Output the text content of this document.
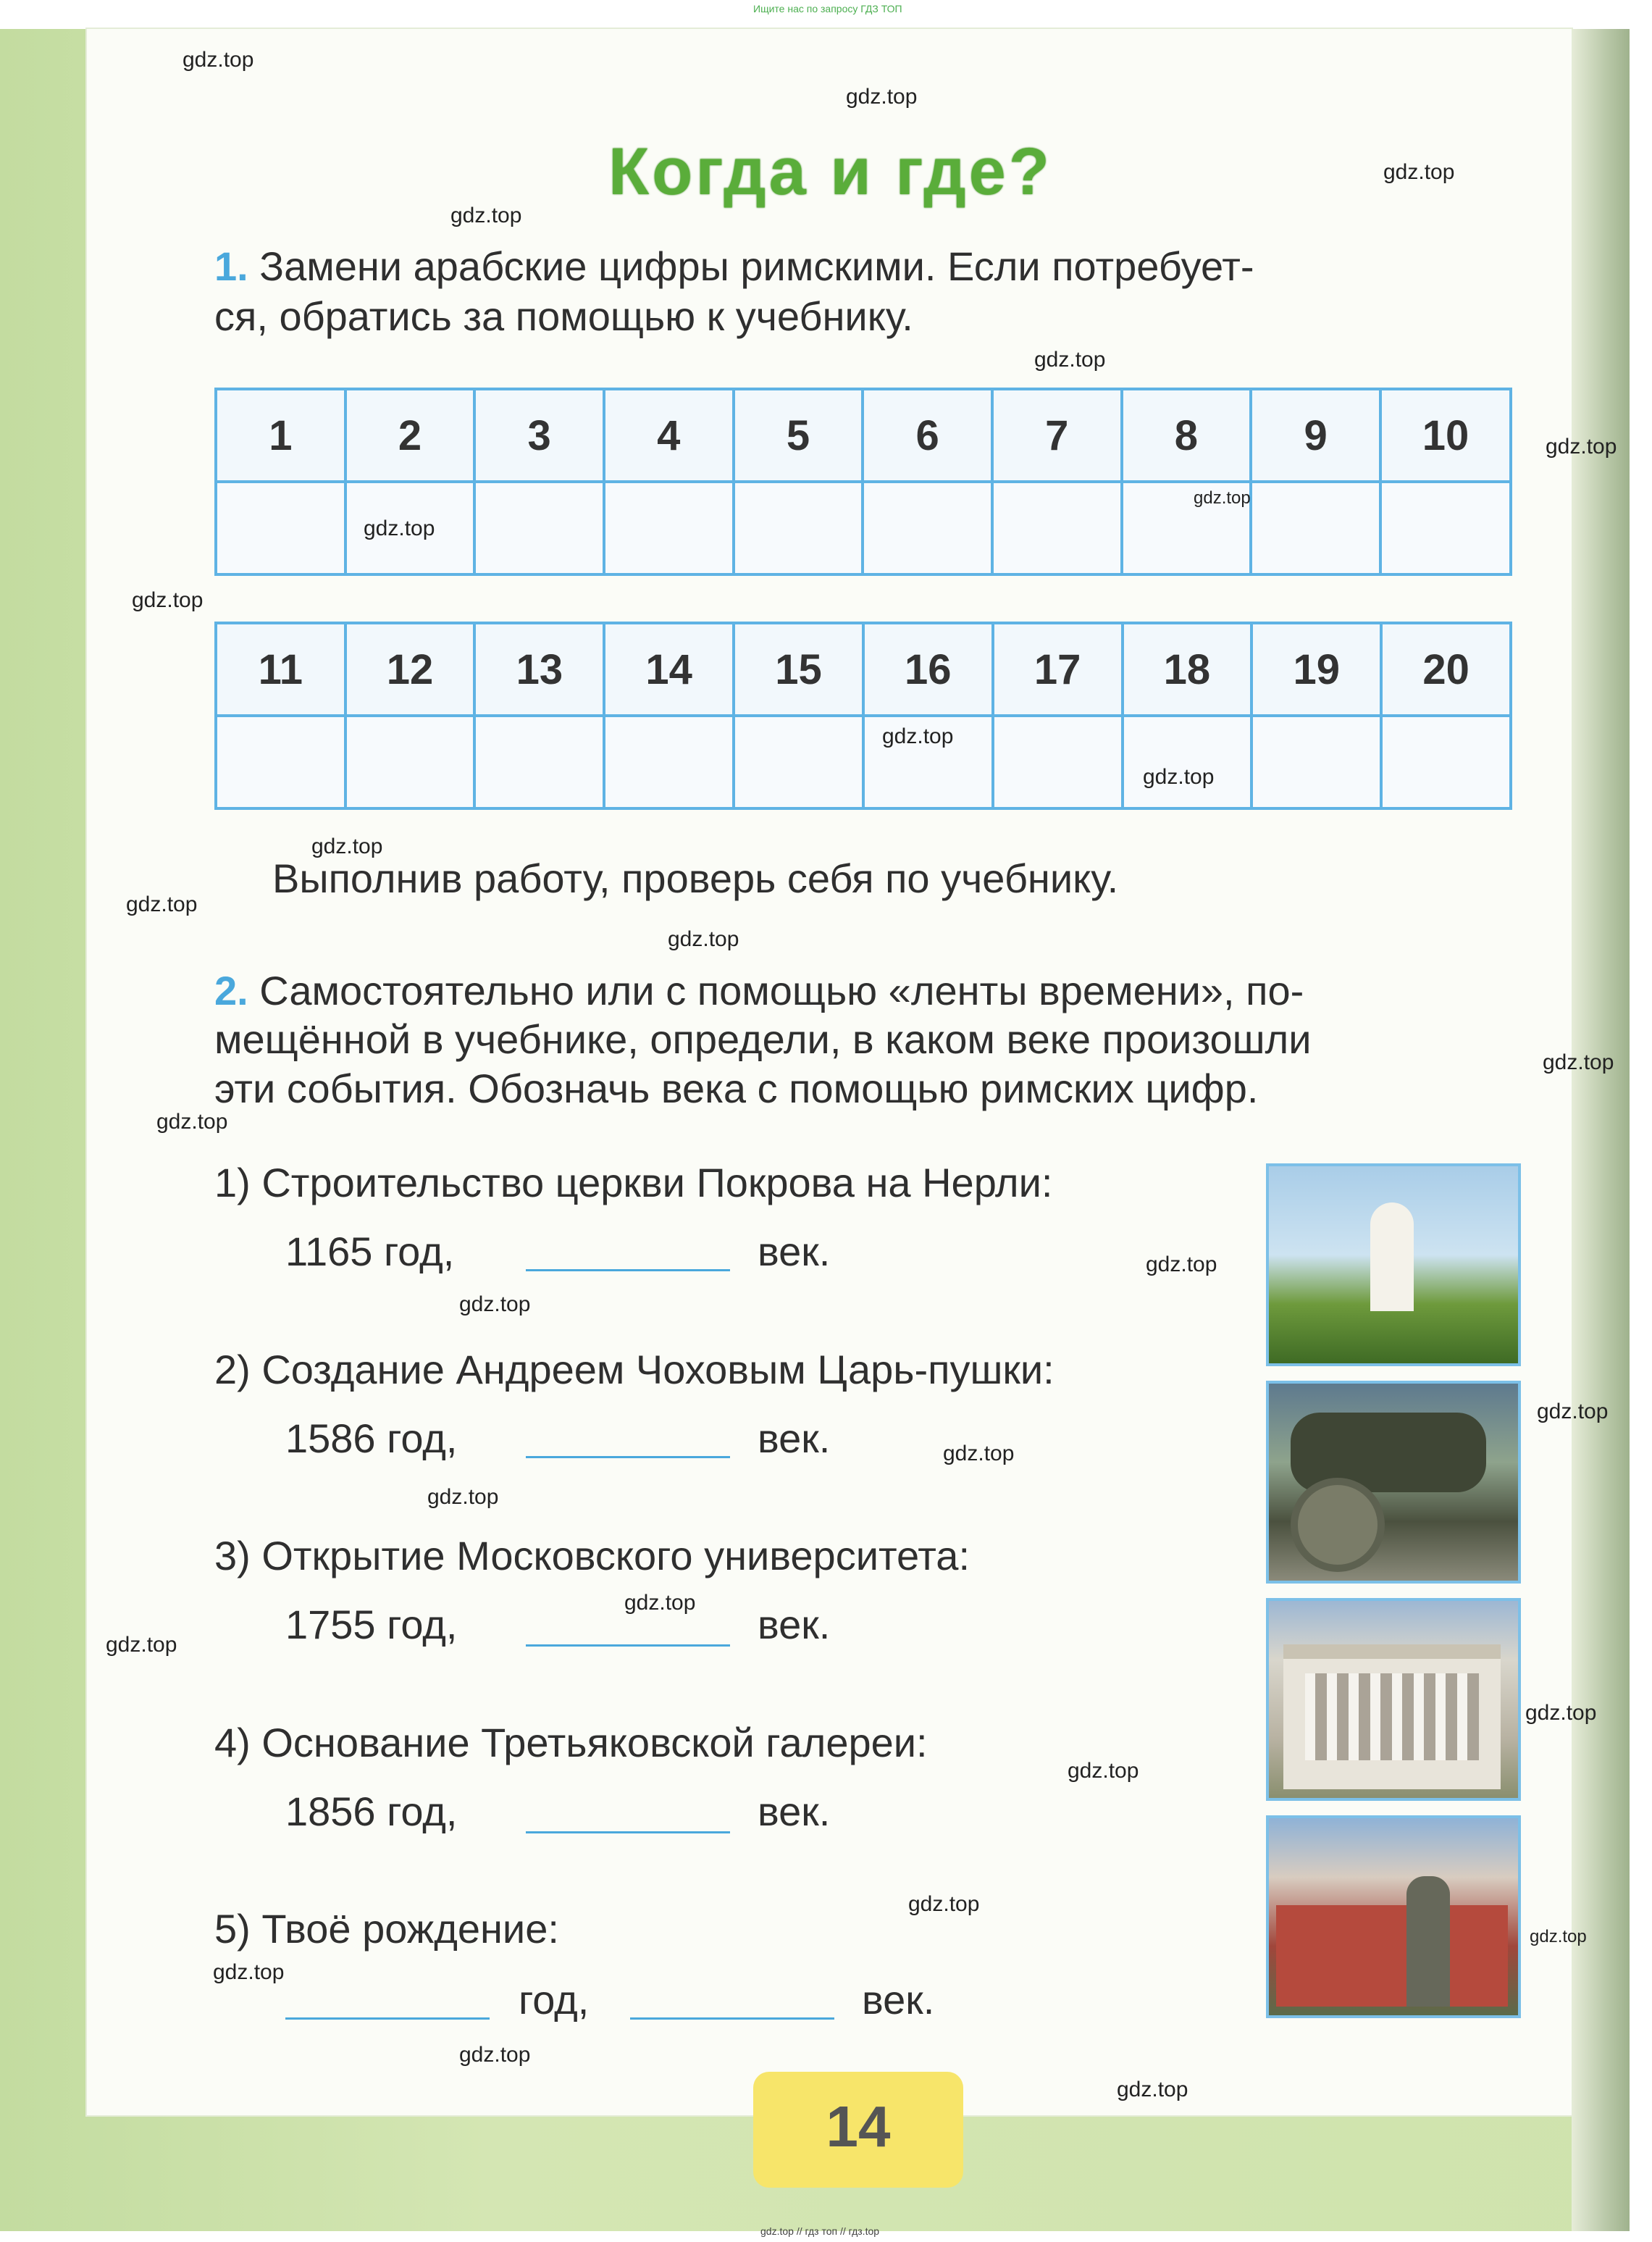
Ищите нас по запросу ГДЗ ТОП
Когда и где?
1. Замени арабские цифры римскими. Если потребует-
ся, обратись за помощью к учебнику.
1	2	3	4	5	6	7	8	9	10

11	12	13	14	15	16	17	18	19	20

Выполнив работу, проверь себя по учебнику.
2. Самостоятельно или с помощью «ленты времени», по-
мещённой в учебнике, определи, в каком веке произошли
эти события. Обозначь века с помощью римских цифр.
1) Строительство церкви Покрова на Нерли:
1165 год,	век.
2) Создание Андреем Чоховым Царь-пушки:
1586 год,	век.
3) Открытие Московского университета:
1755 год,	век.
4) Основание Третьяковской галереи:
1856 год,	век.
5) Твоё рождение:
год,	век.
14
gdz.top
gdz.top
gdz.top
gdz.top
gdz.top
gdz.top
gdz.top
gdz.top
gdz.top
gdz.top
gdz.top
gdz.top
gdz.top
gdz.top
gdz.top
gdz.top
gdz.top
gdz.top
gdz.top
gdz.top
gdz.top
gdz.top
gdz.top
gdz.top
gdz.top
gdz.top
gdz.top
gdz.top
gdz.top
gdz.top
gdz.top // гдз топ // гдз.top
